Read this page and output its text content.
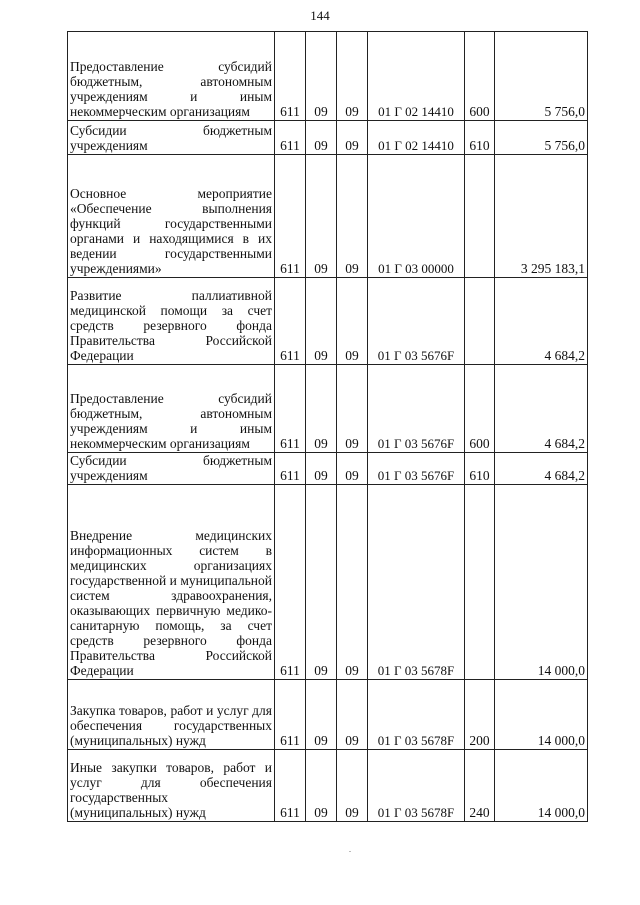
144
Предоставление субсидий бюджетным, автономным учреждениям и иным некоммерческим организациям	611	09	09	01 Г 02 14410	600	5 756,0
Субсидии бюджетным учреждениям	611	09	09	01 Г 02 14410	610	5 756,0
Основное мероприятие «Обеспечение выполнения функций государственными органами и находящимися в их ведении государственными учреждениями»	611	09	09	01 Г 03 00000		3 295 183,1
Развитие паллиативной медицинской помощи за счет средств резервного фонда Правительства Российской Федерации	611	09	09	01 Г 03 5676F		4 684,2
Предоставление субсидий бюджетным, автономным учреждениям и иным некоммерческим организациям	611	09	09	01 Г 03 5676F	600	4 684,2
Субсидии бюджетным учреждениям	611	09	09	01 Г 03 5676F	610	4 684,2
Внедрение медицинских информационных систем в медицинских организациях государственной и муниципальной систем здравоохранения, оказывающих первичную медико-санитарную помощь, за счет средств резервного фонда Правительства Российской Федерации	611	09	09	01 Г 03 5678F		14 000,0
Закупка товаров, работ и услуг для обеспечения государственных (муниципальных) нужд	611	09	09	01 Г 03 5678F	200	14 000,0
Иные закупки товаров, работ и услуг для обеспечения государственных (муниципальных) нужд	611	09	09	01 Г 03 5678F	240	14 000,0
